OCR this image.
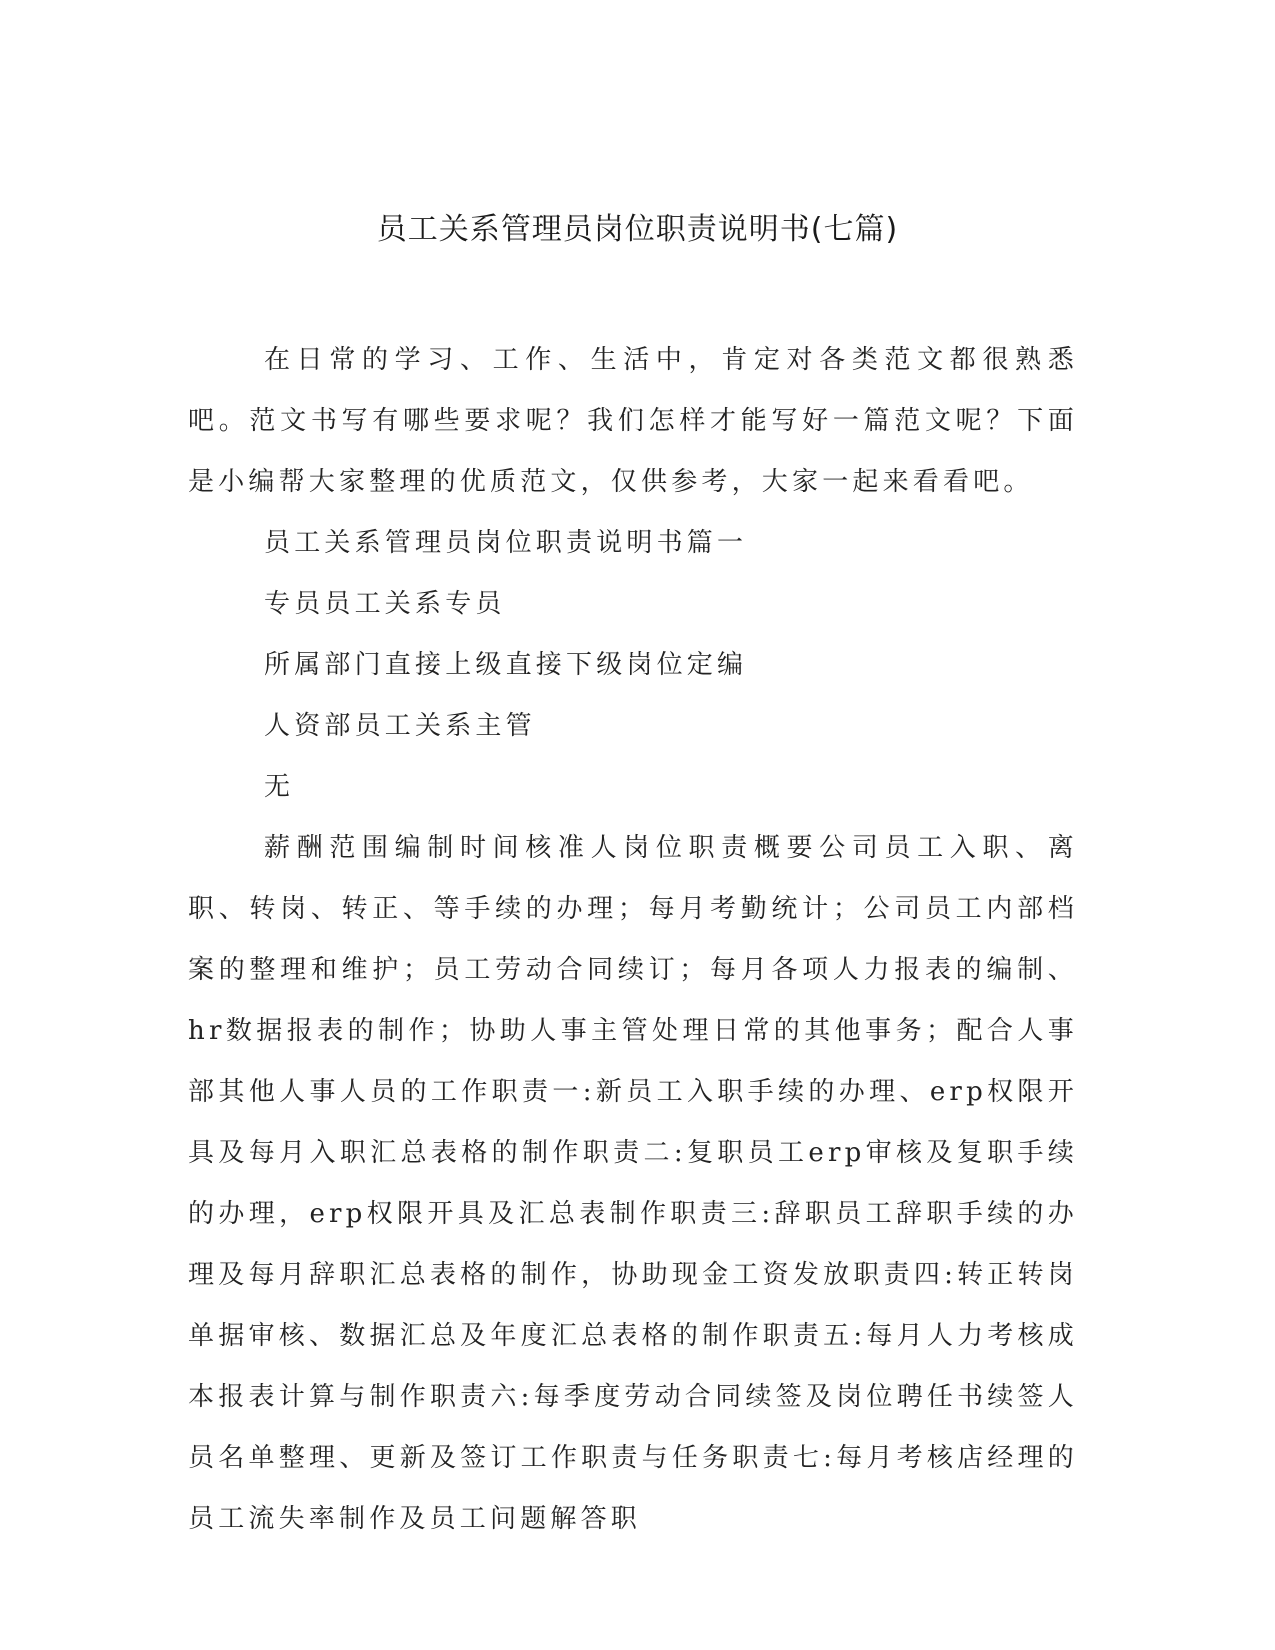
员工关系管理员岗位职责说明书(七篇)

在日常的学习、工作、生活中，肯定对各类范文都很熟悉吧。范文书写有哪些要求呢？我们怎样才能写好一篇范文呢？下面是小编帮大家整理的优质范文，仅供参考，大家一起来看看吧。

员工关系管理员岗位职责说明书篇一

专员员工关系专员

所属部门直接上级直接下级岗位定编

人资部员工关系主管

无

薪酬范围编制时间核准人岗位职责概要公司员工入职、离职、转岗、转正、等手续的办理；每月考勤统计；公司员工内部档案的整理和维护；员工劳动合同续订；每月各项人力报表的编制、hr数据报表的制作；协助人事主管处理日常的其他事务；配合人事部其他人事人员的工作职责一:新员工入职手续的办理、erp权限开具及每月入职汇总表格的制作职责二:复职员工erp审核及复职手续的办理，erp权限开具及汇总表制作职责三:辞职员工辞职手续的办理及每月辞职汇总表格的制作，协助现金工资发放职责四:转正转岗单据审核、数据汇总及年度汇总表格的制作职责五:每月人力考核成本报表计算与制作职责六:每季度劳动合同续签及岗位聘任书续签人员名单整理、更新及签订工作职责与任务职责七:每月考核店经理的员工流失率制作及员工问题解答职
